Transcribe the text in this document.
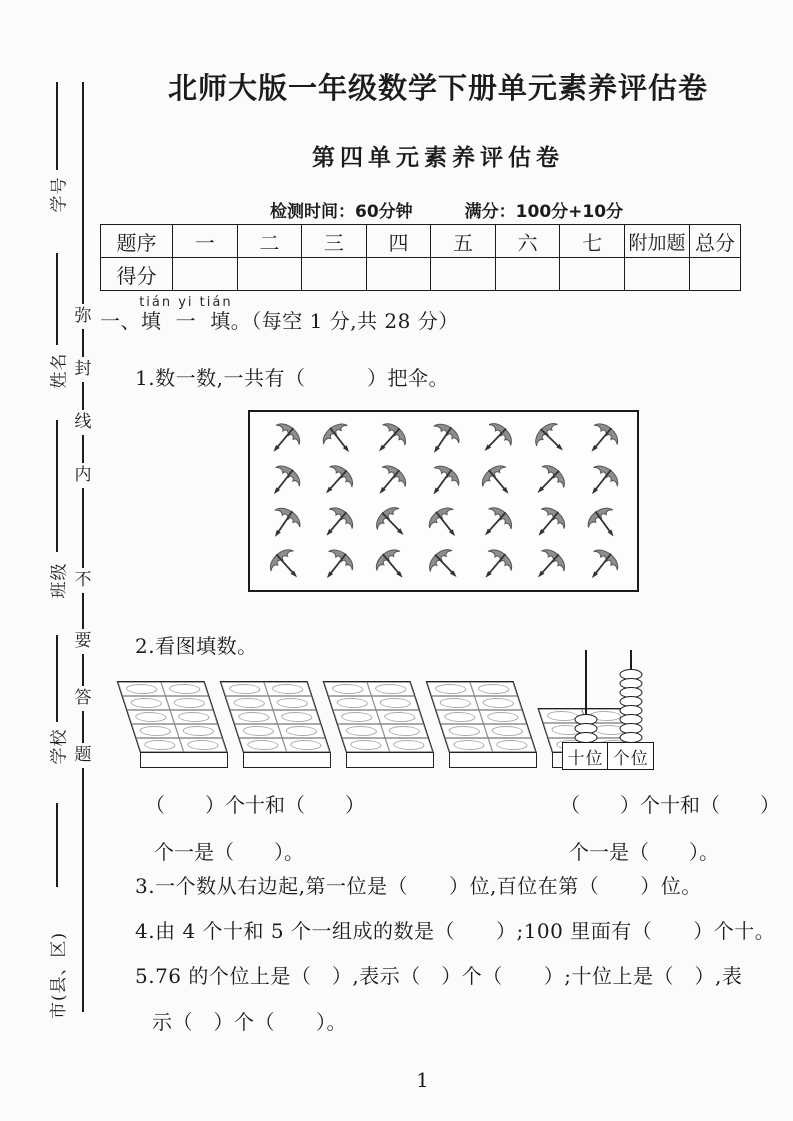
学号
姓名
班级
学校
市(县、区)
弥
封
线
内
不
要
答
题
北师大版一年级数学下册单元素养评估卷
第四单元素养评估卷
检测时间：60分钟	满分：100分+10分
题序	一	二	三	四	五	六	七	附加题	总分
得分									
一、填 一 填tián yi tián。（每空 1 分,共 28 分）
1.数一数,一共有（　　　）把伞。
2.看图填数。
十位 个位
（　　）个十和（　　）
个一是（　　）。
（　　）个十和（　　）
个一是（　　）。
3.一个数从右边起,第一位是（　　）位,百位在第（　　）位。
4.由 4 个十和 5 个一组成的数是（　　）;100 里面有（　　）个十。
5.76 的个位上是（　）,表示（　）个（　　）;十位上是（　）,表
示（　）个（　　）。
1
